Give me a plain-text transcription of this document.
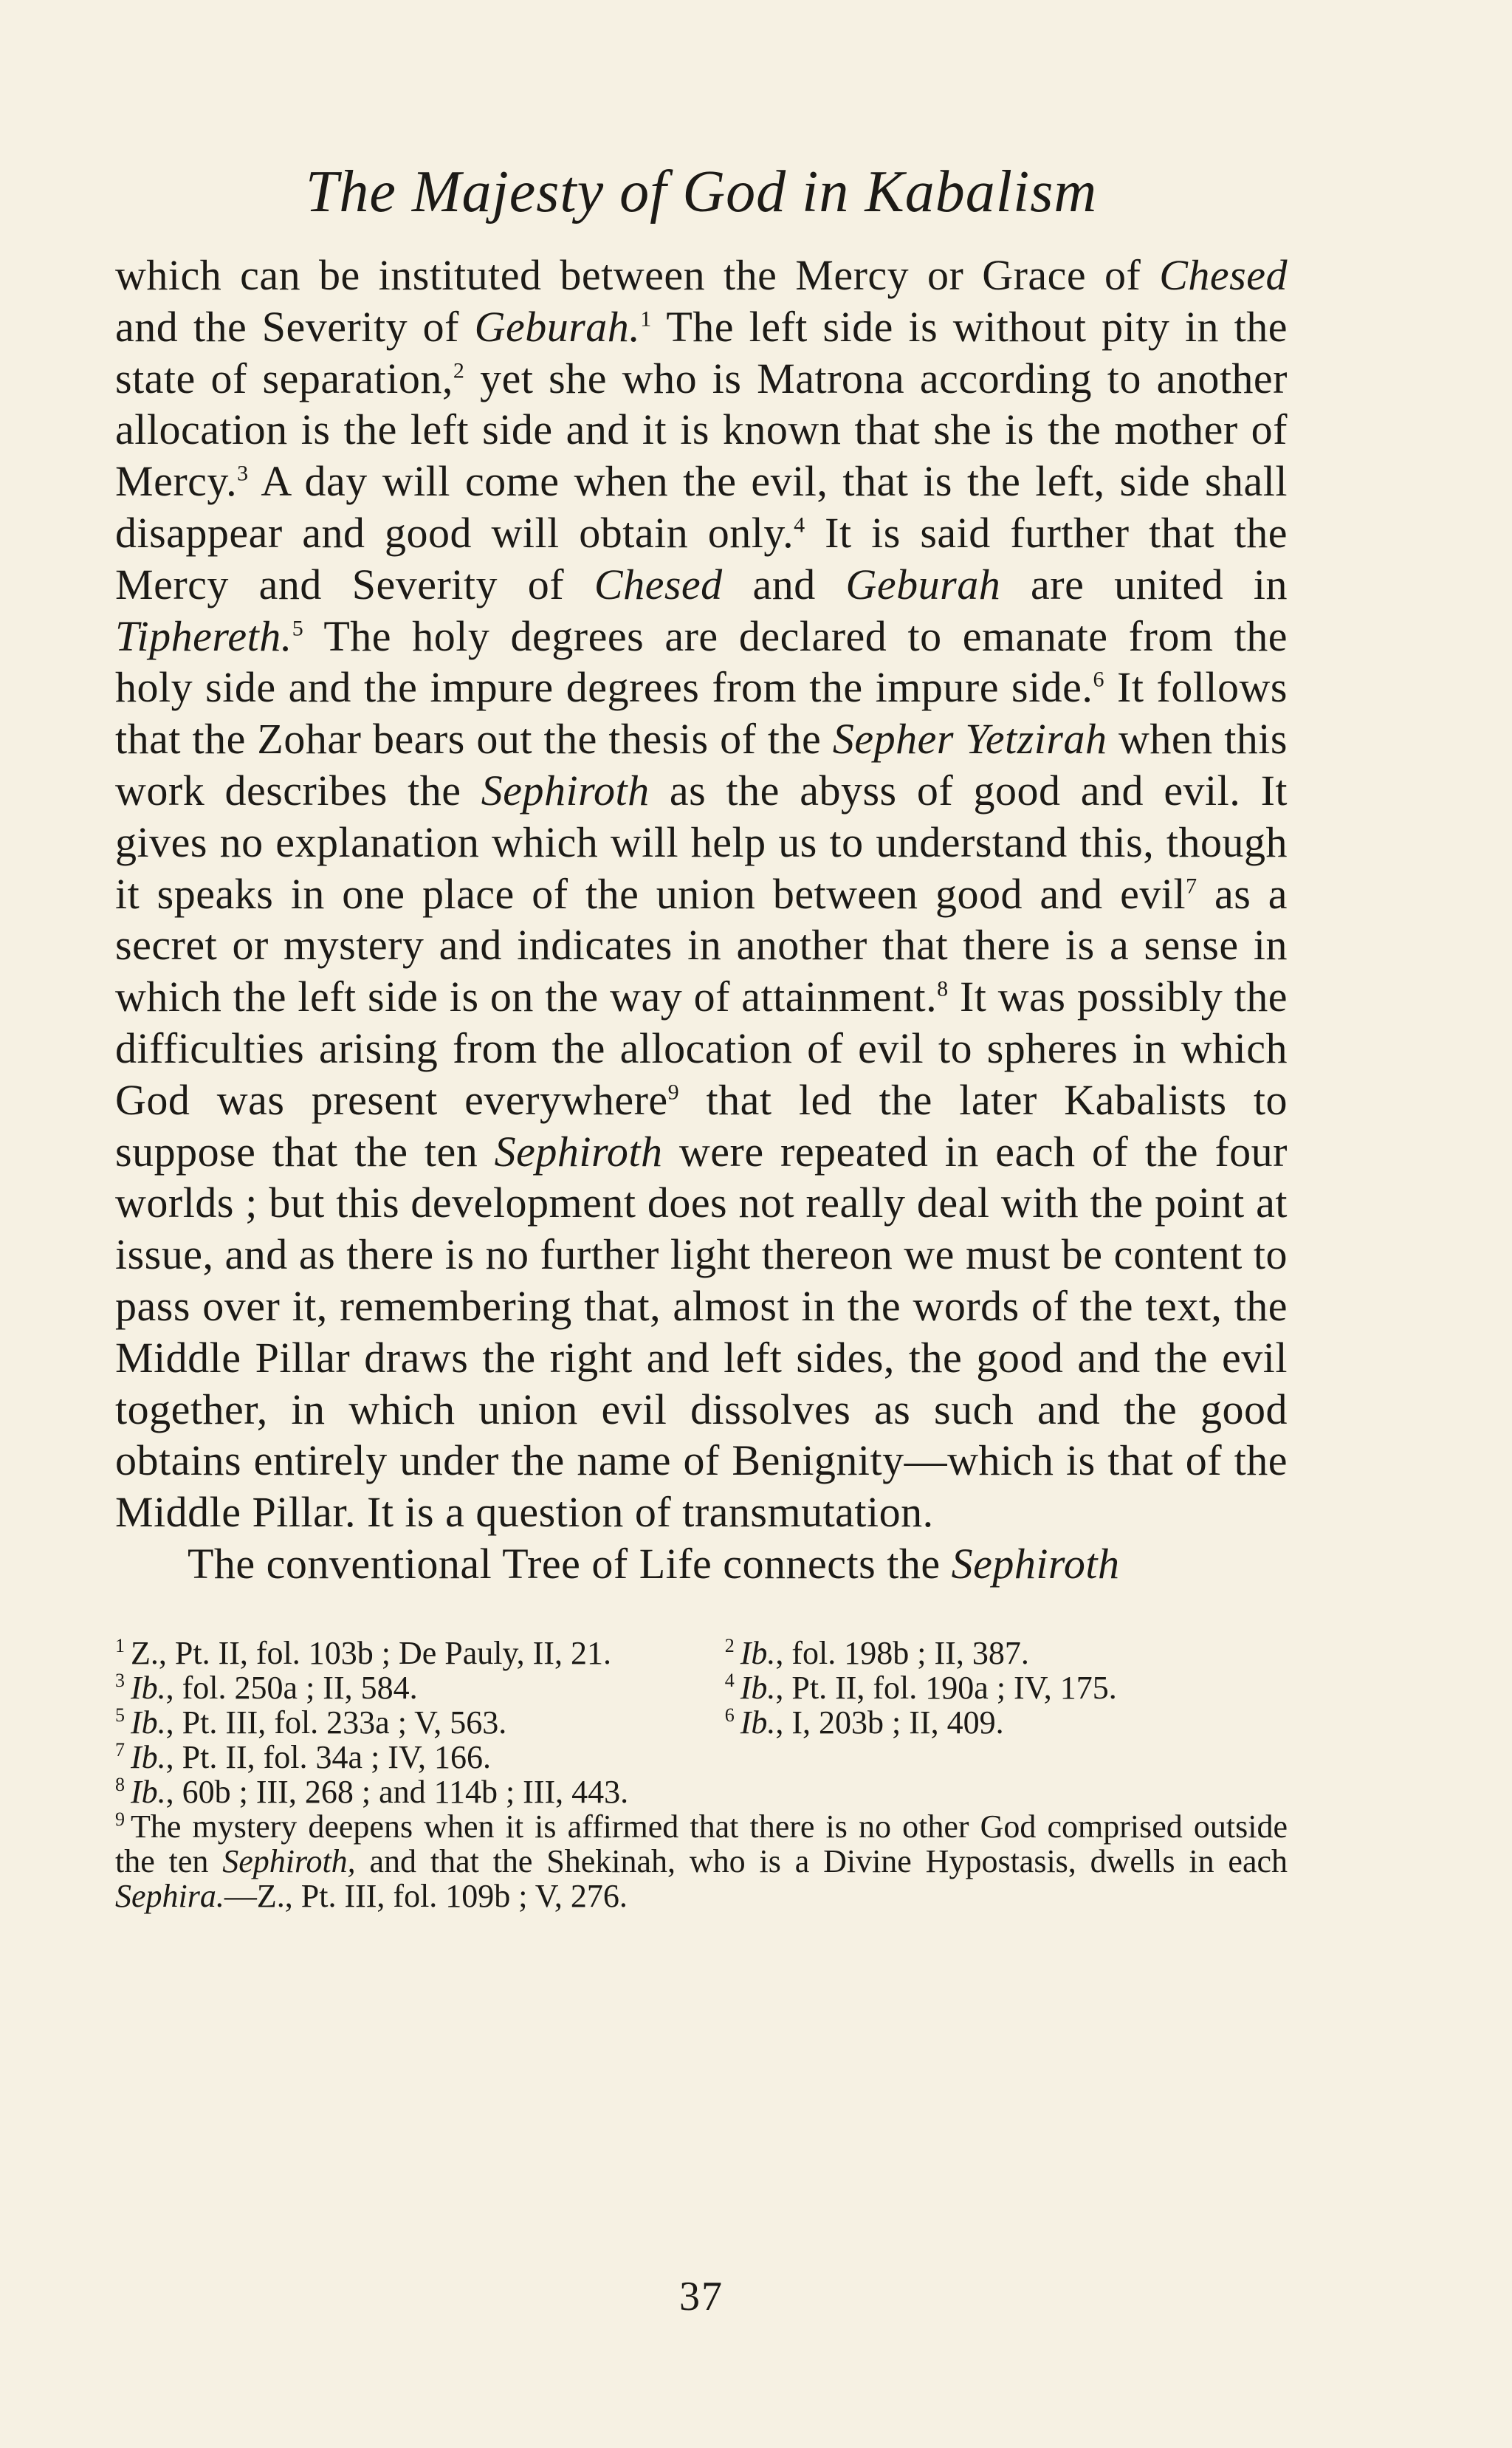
The Majesty of God in Kabalism

which can be instituted between the Mercy or Grace of Chesed and the Severity of Geburah.$^1$ The left side is without pity in the state of separation,$^2$ yet she who is Matrona according to another allocation is the left side and it is known that she is the mother of Mercy.$^3$ A day will come when the evil, that is the left, side shall disappear and good will obtain only.$^4$ It is said further that the Mercy and Severity of Chesed and Geburah are united in Tiphereth.$^5$ The holy degrees are declared to emanate from the holy side and the impure degrees from the impure side.$^6$ It follows that the Zohar bears out the thesis of the Sepher Yetzirah when this work describes the Sephiroth as the abyss of good and evil. It gives no explanation which will help us to understand this, though it speaks in one place of the union between good and evil$^7$ as a secret or mystery and indicates in another that there is a sense in which the left side is on the way of attainment.$^8$ It was possibly the difficulties arising from the allocation of evil to spheres in which God was present everywhere$^9$ that led the later Kabalists to suppose that the ten Sephiroth were repeated in each of the four worlds ; but this development does not really deal with the point at issue, and as there is no further light thereon we must be content to pass over it, remembering that, almost in the words of the text, the Middle Pillar draws the right and left sides, the good and the evil together, in which union evil dissolves as such and the good obtains entirely under the name of Benignity—which is that of the Middle Pillar. It is a question of transmutation.

The conventional Tree of Life connects the Sephiroth

$^1$ Z., Pt. II, fol. 103b ; De Pauly, II, 21.	$^2$ Ib., fol. 198b ; II, 387.
$^3$ Ib., fol. 250a ; II, 584.	$^4$ Ib., Pt. II, fol. 190a ; IV, 175.
$^5$ Ib., Pt. III, fol. 233a ; V, 563.	$^6$ Ib., I, 203b ; II, 409.
$^7$ Ib., Pt. II, fol. 34a ; IV, 166.
$^8$ Ib., 60b ; III, 268 ; and 114b ; III, 443.
$^9$ The mystery deepens when it is affirmed that there is no other God comprised outside the ten Sephiroth, and that the Shekinah, who is a Divine Hypostasis, dwells in each Sephira.—Z., Pt. III, fol. 109b ; V, 276.
37
